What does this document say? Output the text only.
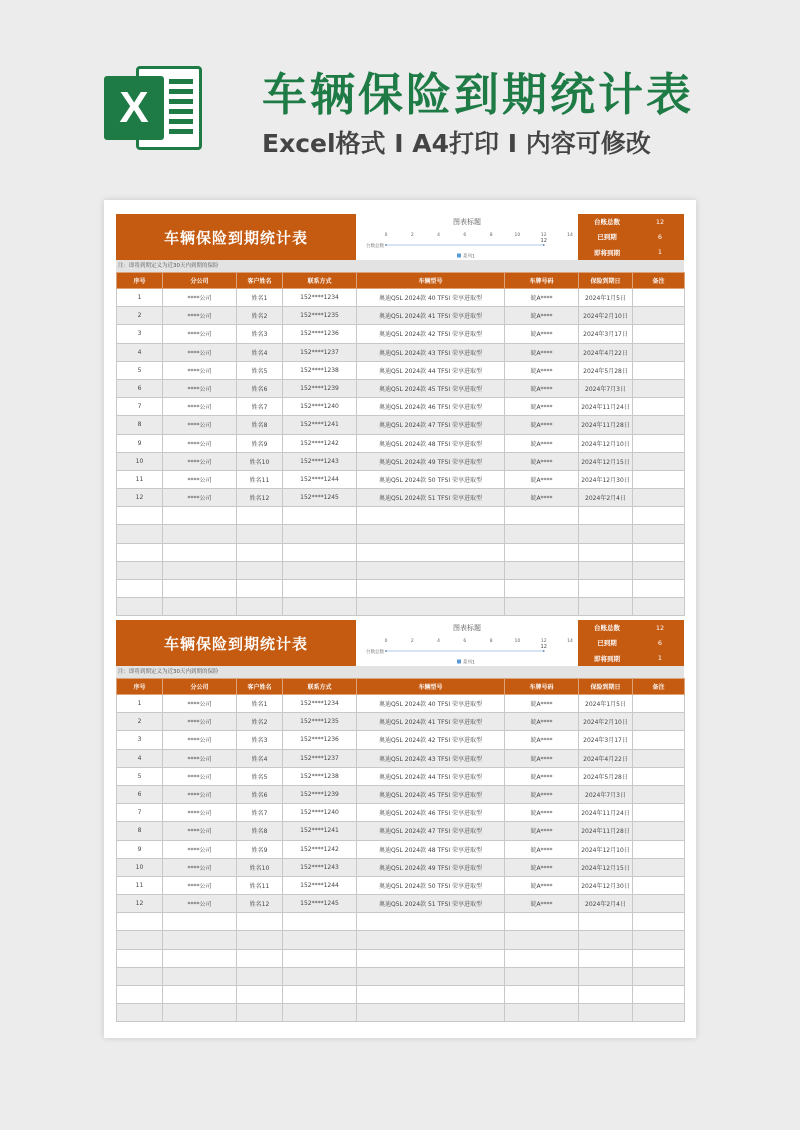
X	车辆保险到期统计表
Excel格式 I A4打印 I 内容可修改
车辆保险到期统计表
图表标题
台数总数
0	2	4	6	8	10	12	14
12
系列1
台账总数	12
已到期	6
即将到期	1
注：即将到期定义为近30天内到期的保险
序号	分公司	客户姓名	联系方式	车辆型号	车牌号码	保险到期日	备注
1	****公司	姓名1	152****1234	奥迪Q5L 2024款 40 TFSI 荣享进取型	皖A****	2024年1月5日	
2	****公司	姓名2	152****1235	奥迪Q5L 2024款 41 TFSI 荣享进取型	皖A****	2024年2月10日	
3	****公司	姓名3	152****1236	奥迪Q5L 2024款 42 TFSI 荣享进取型	皖A****	2024年3月17日	
4	****公司	姓名4	152****1237	奥迪Q5L 2024款 43 TFSI 荣享进取型	皖A****	2024年4月22日	
5	****公司	姓名5	152****1238	奥迪Q5L 2024款 44 TFSI 荣享进取型	皖A****	2024年5月28日	
6	****公司	姓名6	152****1239	奥迪Q5L 2024款 45 TFSI 荣享进取型	皖A****	2024年7月3日	
7	****公司	姓名7	152****1240	奥迪Q5L 2024款 46 TFSI 荣享进取型	皖A****	2024年11月24日	
8	****公司	姓名8	152****1241	奥迪Q5L 2024款 47 TFSI 荣享进取型	皖A****	2024年11月28日	
9	****公司	姓名9	152****1242	奥迪Q5L 2024款 48 TFSI 荣享进取型	皖A****	2024年12月10日	
10	****公司	姓名10	152****1243	奥迪Q5L 2024款 49 TFSI 荣享进取型	皖A****	2024年12月15日	
11	****公司	姓名11	152****1244	奥迪Q5L 2024款 50 TFSI 荣享进取型	皖A****	2024年12月30日	
12	****公司	姓名12	152****1245	奥迪Q5L 2024款 51 TFSI 荣享进取型	皖A****	2024年2月4日	

车辆保险到期统计表
图表标题
台数总数
0	2	4	6	8	10	12	14
12
系列1
台账总数	12
已到期	6
即将到期	1
注：即将到期定义为近30天内到期的保险
序号	分公司	客户姓名	联系方式	车辆型号	车牌号码	保险到期日	备注
1	****公司	姓名1	152****1234	奥迪Q5L 2024款 40 TFSI 荣享进取型	皖A****	2024年1月5日	
2	****公司	姓名2	152****1235	奥迪Q5L 2024款 41 TFSI 荣享进取型	皖A****	2024年2月10日	
3	****公司	姓名3	152****1236	奥迪Q5L 2024款 42 TFSI 荣享进取型	皖A****	2024年3月17日	
4	****公司	姓名4	152****1237	奥迪Q5L 2024款 43 TFSI 荣享进取型	皖A****	2024年4月22日	
5	****公司	姓名5	152****1238	奥迪Q5L 2024款 44 TFSI 荣享进取型	皖A****	2024年5月28日	
6	****公司	姓名6	152****1239	奥迪Q5L 2024款 45 TFSI 荣享进取型	皖A****	2024年7月3日	
7	****公司	姓名7	152****1240	奥迪Q5L 2024款 46 TFSI 荣享进取型	皖A****	2024年11月24日	
8	****公司	姓名8	152****1241	奥迪Q5L 2024款 47 TFSI 荣享进取型	皖A****	2024年11月28日	
9	****公司	姓名9	152****1242	奥迪Q5L 2024款 48 TFSI 荣享进取型	皖A****	2024年12月10日	
10	****公司	姓名10	152****1243	奥迪Q5L 2024款 49 TFSI 荣享进取型	皖A****	2024年12月15日	
11	****公司	姓名11	152****1244	奥迪Q5L 2024款 50 TFSI 荣享进取型	皖A****	2024年12月30日	
12	****公司	姓名12	152****1245	奥迪Q5L 2024款 51 TFSI 荣享进取型	皖A****	2024年2月4日	
